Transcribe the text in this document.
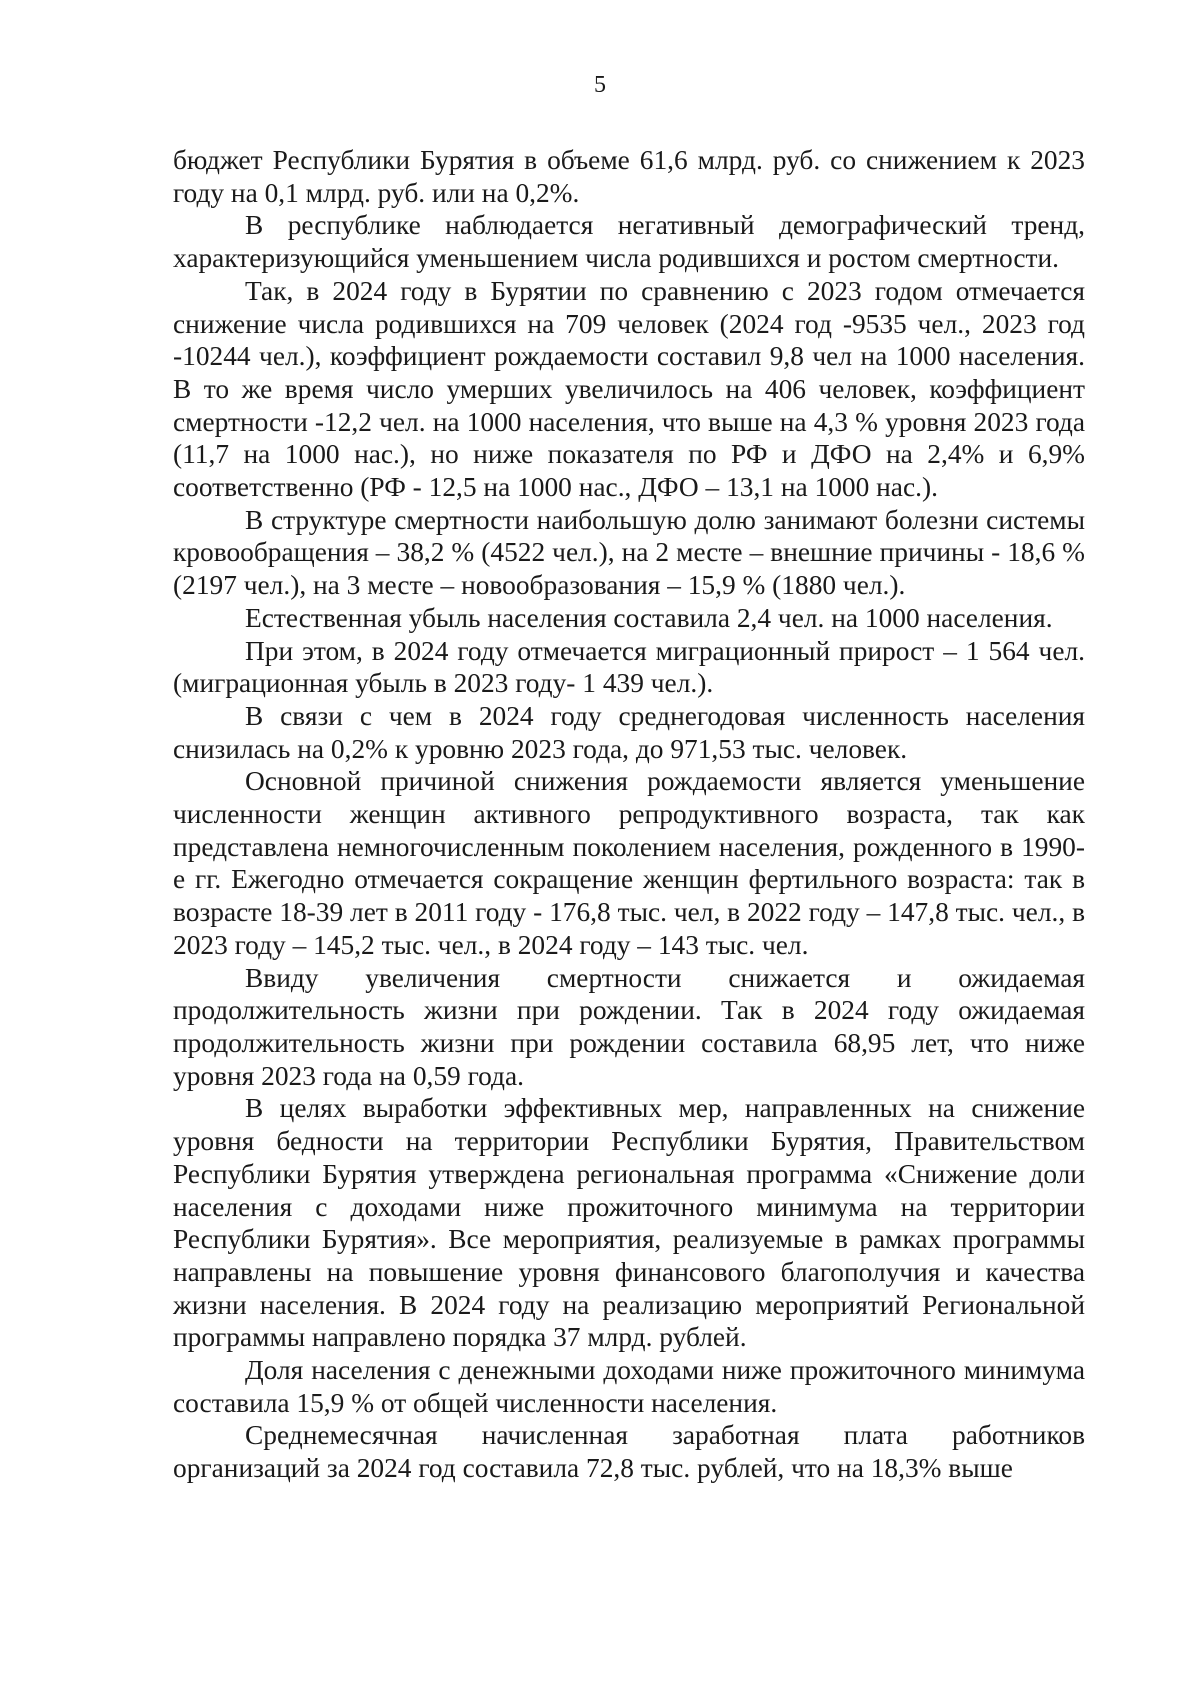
5

бюджет Республики Бурятия в объеме 61,6 млрд. руб. со снижением к 2023 году на 0,1 млрд. руб. или на 0,2%.

В республике наблюдается негативный демографический тренд, характеризующийся уменьшением числа родившихся и ростом смертности.

Так, в 2024 году в Бурятии по сравнению с 2023 годом отмечается снижение числа родившихся на 709 человек (2024 год -9535 чел., 2023 год -10244 чел.), коэффициент рождаемости составил 9,8 чел на 1000 населения. В то же время число умерших увеличилось на 406 человек, коэффициент смертности -12,2 чел. на 1000 населения, что выше на 4,3 % уровня 2023 года (11,7 на 1000 нас.), но ниже показателя по РФ и ДФО на 2,4% и 6,9% соответственно (РФ - 12,5 на 1000 нас., ДФО – 13,1 на 1000 нас.).

В структуре смертности наибольшую долю занимают болезни системы кровообращения – 38,2 % (4522 чел.), на 2 месте – внешние причины - 18,6 % (2197 чел.), на 3 месте – новообразования – 15,9 % (1880 чел.).

Естественная убыль населения составила 2,4 чел. на 1000 населения.

При этом, в 2024 году отмечается миграционный прирост – 1 564 чел. (миграционная убыль в 2023 году- 1 439 чел.).

В связи с чем в 2024 году среднегодовая численность населения снизилась на 0,2% к уровню 2023 года, до 971,53 тыс. человек.

Основной причиной снижения рождаемости является уменьшение численности женщин активного репродуктивного возраста, так как представлена немногочисленным поколением населения, рожденного в 1990-е гг. Ежегодно отмечается сокращение женщин фертильного возраста: так в возрасте 18-39 лет в 2011 году - 176,8 тыс. чел, в 2022 году – 147,8 тыс. чел., в 2023 году – 145,2 тыс. чел., в 2024 году – 143 тыс. чел.

Ввиду увеличения смертности снижается и ожидаемая продолжительность жизни при рождении. Так в 2024 году ожидаемая продолжительность жизни при рождении составила 68,95 лет, что ниже уровня 2023 года на 0,59 года.

В целях выработки эффективных мер, направленных на снижение уровня бедности на территории Республики Бурятия, Правительством Республики Бурятия утверждена региональная программа «Снижение доли населения с доходами ниже прожиточного минимума на территории Республики Бурятия». Все мероприятия, реализуемые в рамках программы направлены на повышение уровня финансового благополучия и качества жизни населения. В 2024 году на реализацию мероприятий Региональной программы направлено порядка 37 млрд. рублей.

Доля населения с денежными доходами ниже прожиточного минимума составила 15,9 % от общей численности населения.

Среднемесячная начисленная заработная плата работников организаций за 2024 год составила 72,8 тыс. рублей, что на 18,3% выше
